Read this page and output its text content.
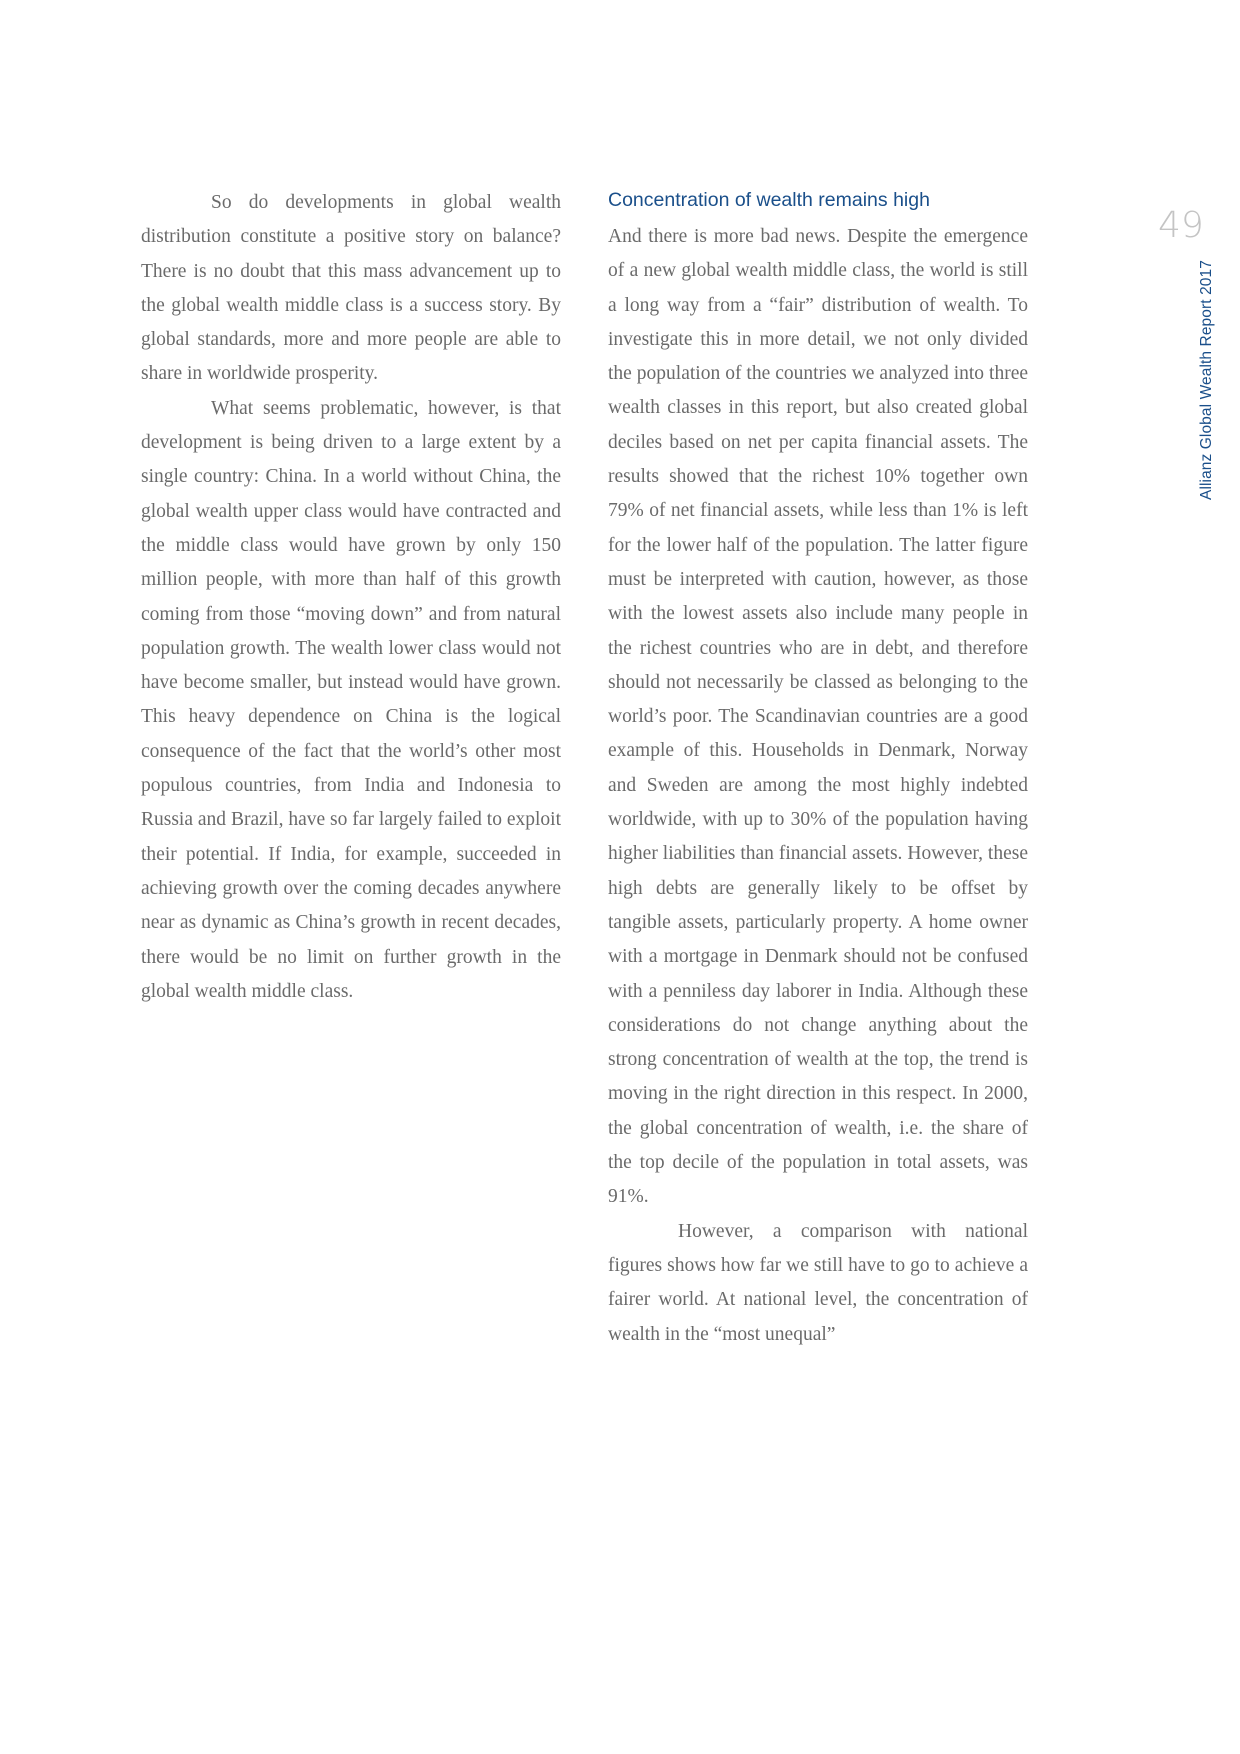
49
Allianz Global Wealth Report 2017

So do developments in global wealth distribution constitute a positive story on balance? There is no doubt that this mass advancement up to the global wealth middle class is a success story. By global standards, more and more people are able to share in worldwide prosperity.

What seems problematic, however, is that development is being driven to a large extent by a single country: China. In a world without China, the global wealth upper class would have contracted and the middle class would have grown by only 150 million people, with more than half of this growth coming from those “moving down” and from natural population growth. The wealth lower class would not have become smaller, but instead would have grown. This heavy dependence on China is the logical consequence of the fact that the world’s other most populous countries, from India and Indonesia to Russia and Brazil, have so far largely failed to exploit their potential. If India, for example, succeeded in achieving growth over the coming decades anywhere near as dynamic as China’s growth in recent decades, there would be no limit on further growth in the global wealth middle class.

Concentration of wealth remains high

And there is more bad news. Despite the emergence of a new global wealth middle class, the world is still a long way from a “fair” distribution of wealth. To investigate this in more detail, we not only divided the population of the countries we analyzed into three wealth classes in this report, but also created global deciles based on net per capita financial assets. The results showed that the richest 10% together own 79% of net financial assets, while less than 1% is left for the lower half of the population. The latter figure must be interpreted with caution, however, as those with the lowest assets also include many people in the richest countries who are in debt, and therefore should not necessarily be classed as belonging to the world’s poor. The Scandinavian countries are a good example of this. Households in Denmark, Norway and Sweden are among the most highly indebted worldwide, with up to 30% of the population having higher liabilities than financial assets. However, these high debts are generally likely to be offset by tangible assets, particularly property. A home owner with a mortgage in Denmark should not be confused with a penniless day laborer in India. Although these considerations do not change anything about the strong concentration of wealth at the top, the trend is moving in the right direction in this respect. In 2000, the global concentration of wealth, i.e. the share of the top decile of the population in total assets, was 91%.

However, a comparison with national figures shows how far we still have to go to achieve a fairer world. At national level, the concentration of wealth in the “most unequal”
